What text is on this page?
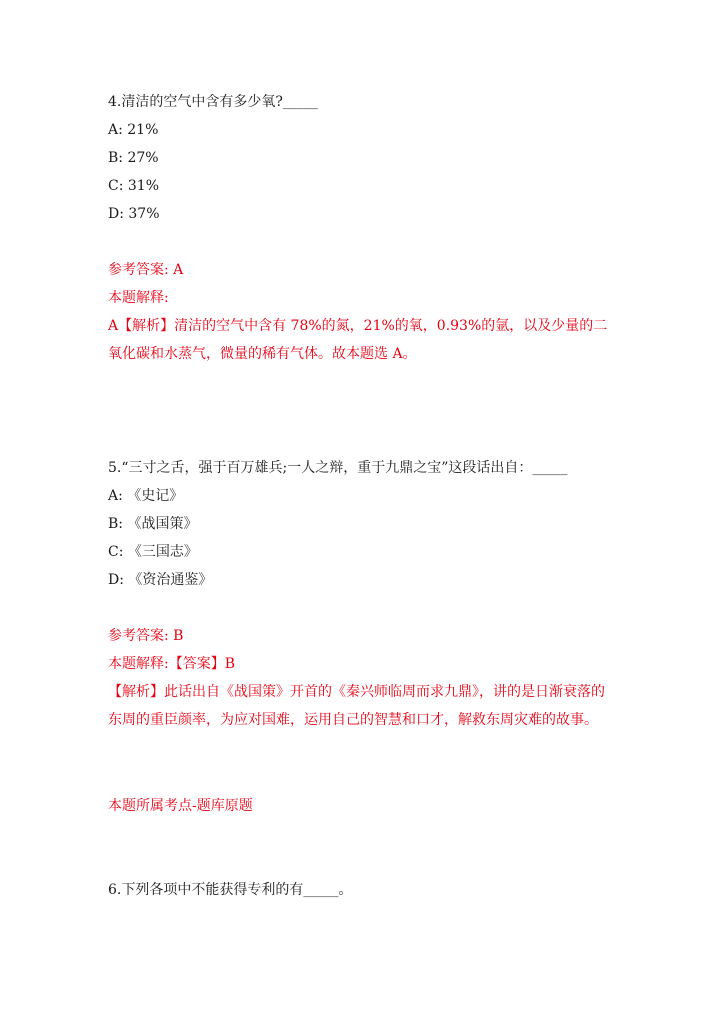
4.清洁的空气中含有多少氧?_____
A: 21%
B: 27%
C: 31%
D: 37%
参考答案: A
本题解释:
A【解析】清洁的空气中含有 78%的氮，21%的氧，0.93%的氩，以及少量的二氧化碳和水蒸气，微量的稀有气体。故本题选 A。
5.“三寸之舌，强于百万雄兵;一人之辩，重于九鼎之宝”这段话出自：_____
A: 《史记》
B: 《战国策》
C: 《三国志》
D: 《资治通鉴》
参考答案: B
本题解释:【答案】B
【解析】此话出自《战国策》开首的《秦兴师临周而求九鼎》，讲的是日渐衰落的东周的重臣颜率，为应对国难，运用自己的智慧和口才，解救东周灾难的故事。
本题所属考点-题库原题
6.下列各项中不能获得专利的有_____。
